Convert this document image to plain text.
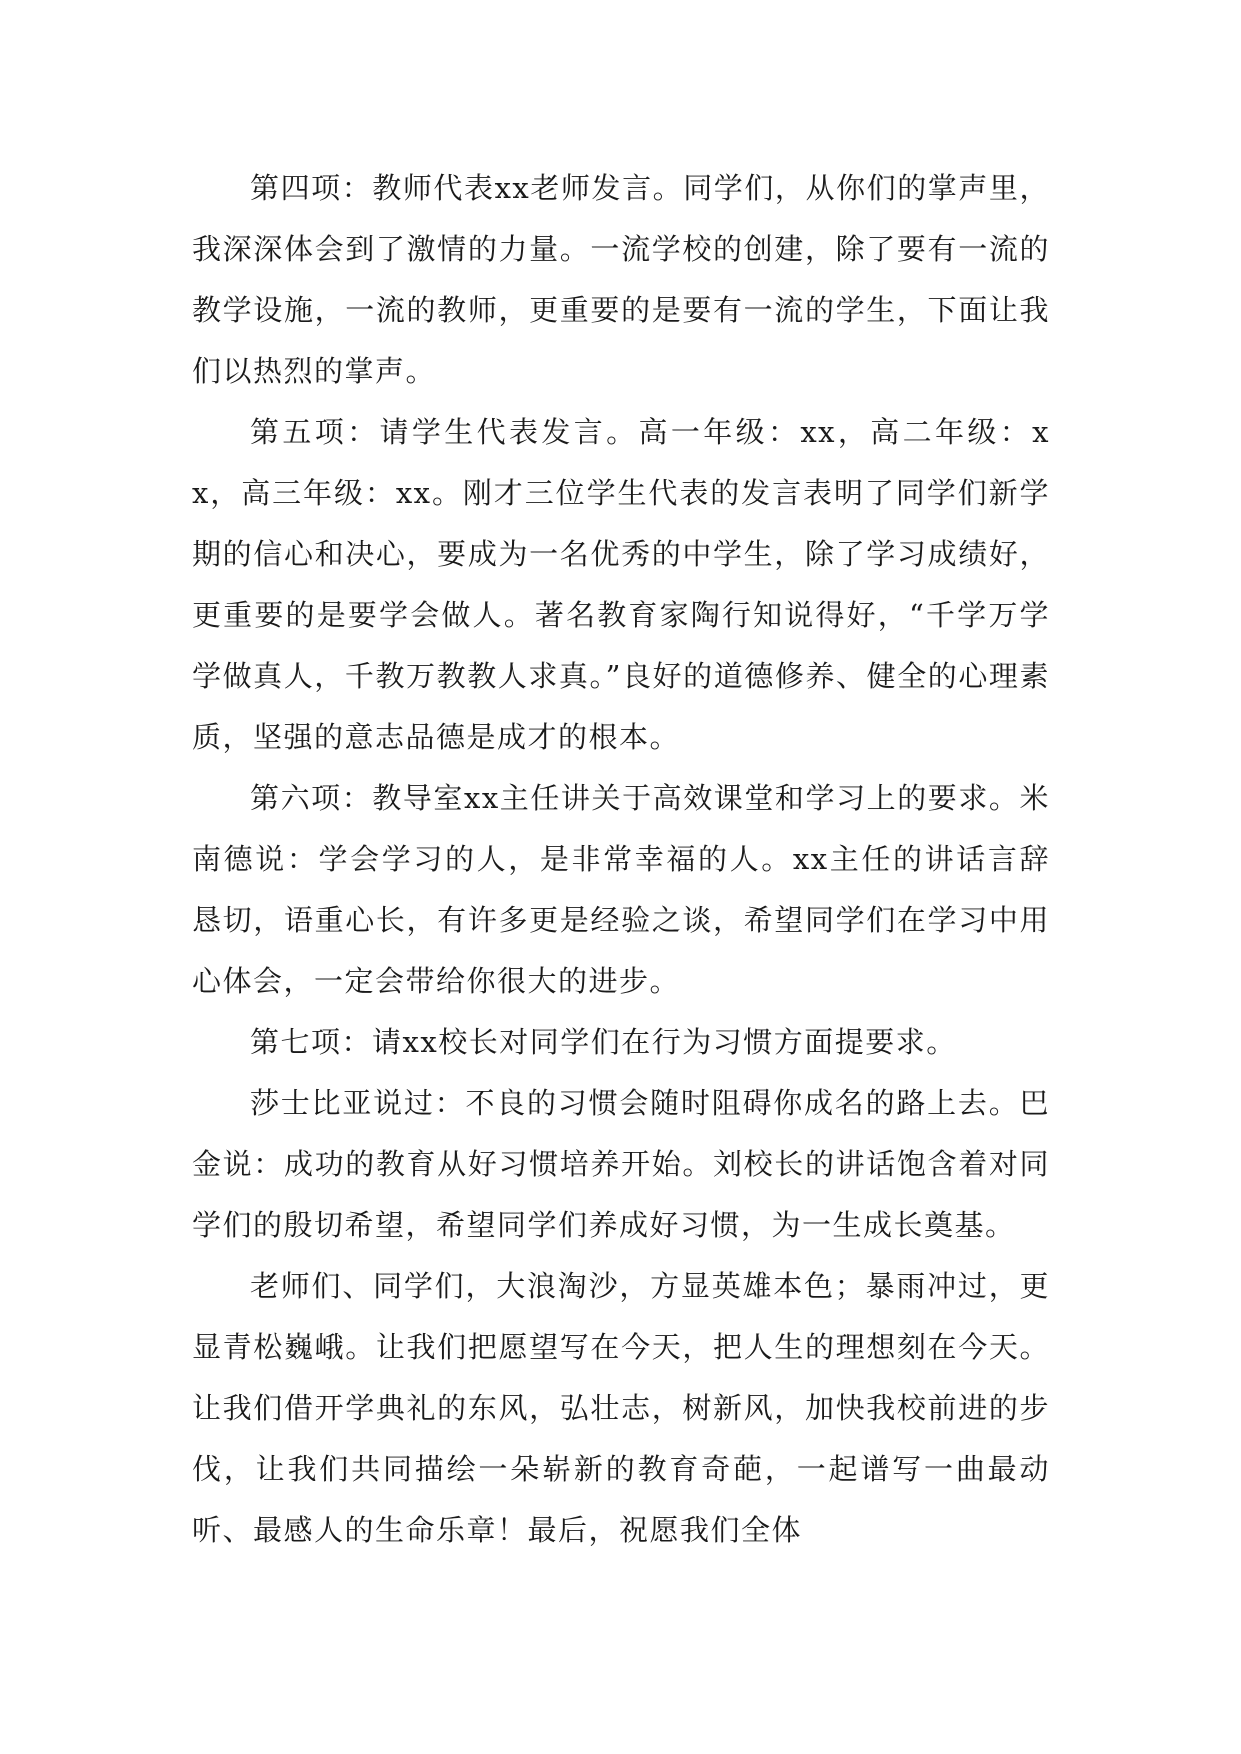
第四项：教师代表xx老师发言。同学们，从你们的掌声里，我深深体会到了激情的力量。一流学校的创建，除了要有一流的教学设施，一流的教师，更重要的是要有一流的学生，下面让我们以热烈的掌声。

第五项：请学生代表发言。高一年级：xx，高二年级：xx，高三年级：xx。刚才三位学生代表的发言表明了同学们新学期的信心和决心，要成为一名优秀的中学生，除了学习成绩好，更重要的是要学会做人。著名教育家陶行知说得好，“千学万学学做真人，千教万教教人求真。”良好的道德修养、健全的心理素质，坚强的意志品德是成才的根本。

第六项：教导室xx主任讲关于高效课堂和学习上的要求。米南德说：学会学习的人，是非常幸福的人。xx主任的讲话言辞恳切，语重心长，有许多更是经验之谈，希望同学们在学习中用心体会，一定会带给你很大的进步。

第七项：请xx校长对同学们在行为习惯方面提要求。

莎士比亚说过：不良的习惯会随时阻碍你成名的路上去。巴金说：成功的教育从好习惯培养开始。刘校长的讲话饱含着对同学们的殷切希望，希望同学们养成好习惯，为一生成长奠基。

老师们、同学们，大浪淘沙，方显英雄本色；暴雨冲过，更显青松巍峨。让我们把愿望写在今天，把人生的理想刻在今天。让我们借开学典礼的东风，弘壮志，树新风，加快我校前进的步伐，让我们共同描绘一朵崭新的教育奇葩，一起谱写一曲最动听、最感人的生命乐章！最后，祝愿我们全体
